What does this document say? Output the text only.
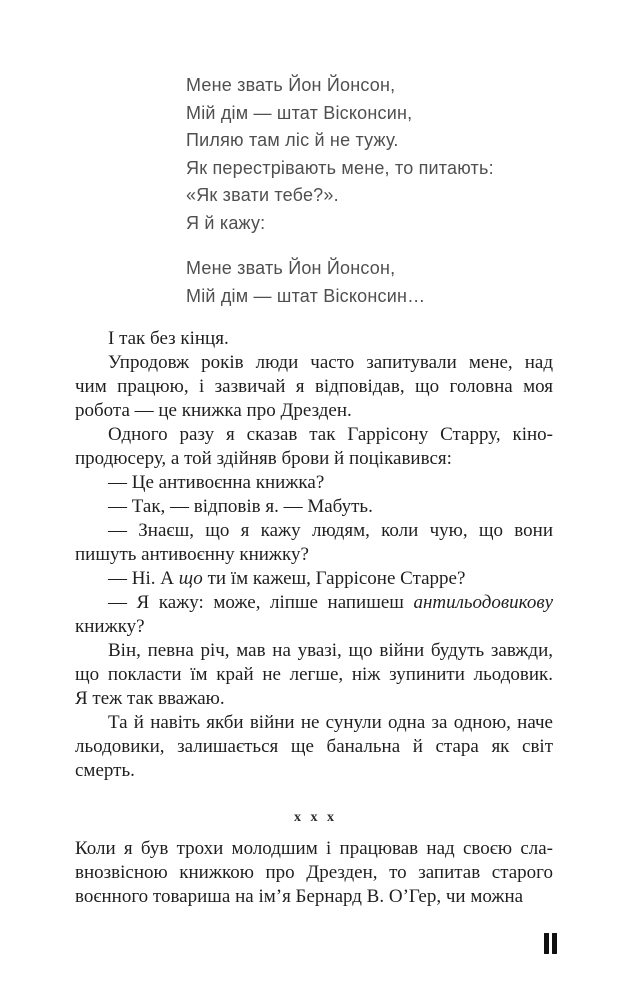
Мене звать Йон Йонсон,
Мій дім — штат Вісконсин,
Пиляю там ліс й не тужу.
Як перестрівають мене, то питають:
«Як звати тебе?».
Я й кажу:
Мене звать Йон Йонсон,
Мій дім — штат Вісконсин…
І так без кінця.
Упродовж років люди часто запитували мене, над
чим працюю, і зазвичай я відповідав, що головна моя
робота — це книжка про Дрезден.
Одного разу я сказав так Гаррісону Старру, кіно-
продюсеру, а той здійняв брови й поцікавився:
— Це антивоєнна книжка?
— Так, — відповів я. — Мабуть.
— Знаєш, що я кажу людям, коли чую, що вони
пишуть антивоєнну книжку?
— Ні. А що ти їм кажеш, Гаррісоне Старре?
— Я кажу: може, ліпше напишеш антильодовикову
книжку?
Він, певна річ, мав на увазі, що війни будуть завжди,
що покласти їм край не легше, ніж зупинити льодовик.
Я теж так вважаю.
Та й навіть якби війни не сунули одна за одною, наче
льодовики, залишається ще банальна й стара як світ
смерть.
х х х
Коли я був трохи молодшим і працював над своєю сла-
внозвісною книжкою про Дрезден, то запитав старого
воєнного товариша на ім’я Бернард В. О’Гер, чи можна
